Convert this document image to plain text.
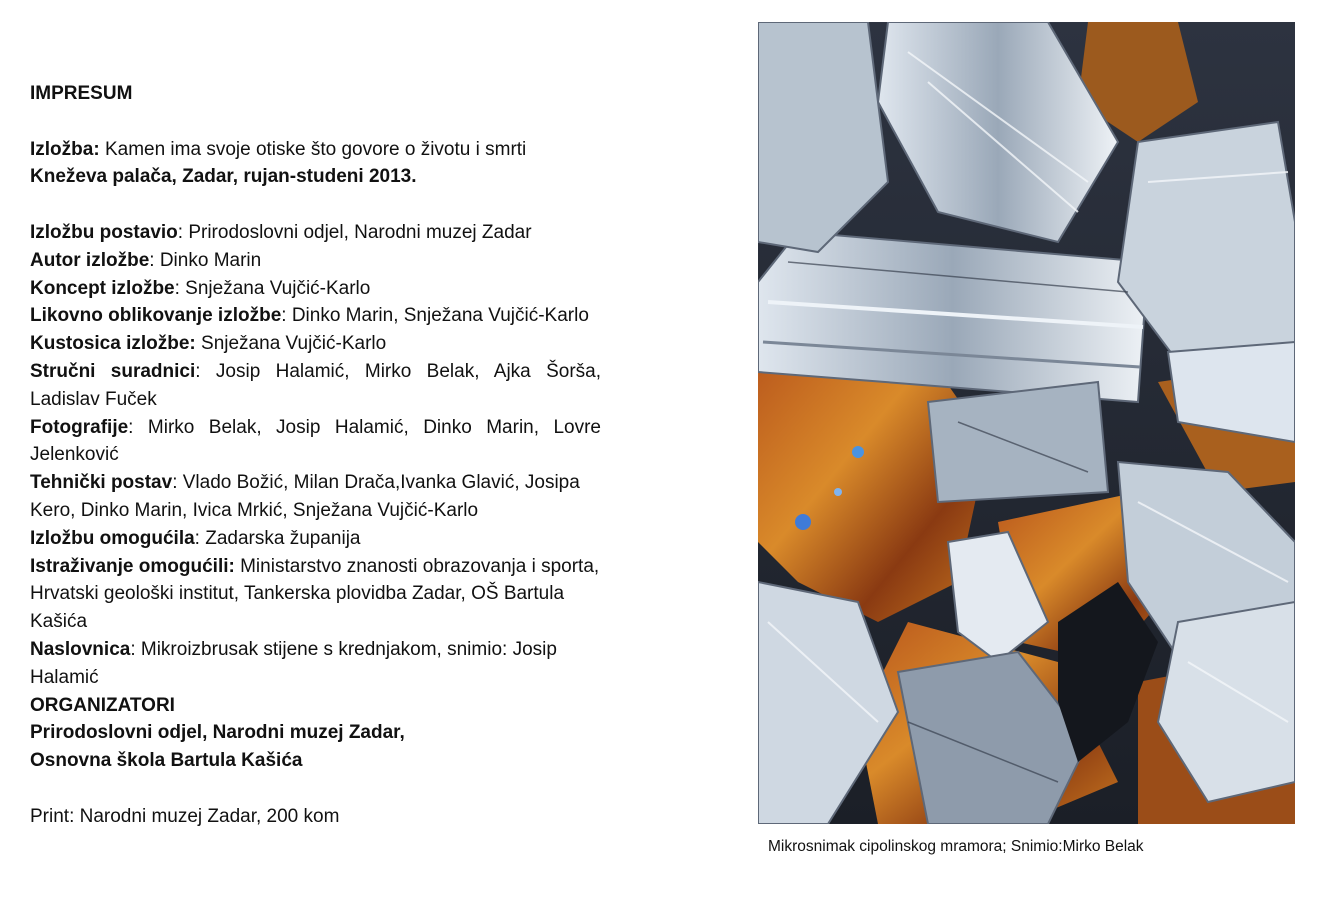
IMPRESUM
Izložba: Kamen ima svoje otiske što govore o životu i smrti
Kneževa palača, Zadar, rujan-studeni 2013.
Izložbu postavio: Prirodoslovni odjel, Narodni muzej Zadar
Autor izložbe: Dinko Marin
Koncept izložbe: Snježana Vujčić-Karlo
Likovno oblikovanje izložbe: Dinko Marin, Snježana Vujčić-Karlo
Kustosica izložbe: Snježana Vujčić-Karlo
Stručni suradnici: Josip Halamić, Mirko Belak, Ajka Šorša, Ladislav Fuček
Fotografije: Mirko Belak, Josip Halamić, Dinko Marin, Lovre Jelenković
Tehnički postav: Vlado Božić, Milan Drača,Ivanka Glavić, Josipa Kero, Dinko Marin, Ivica Mrkić, Snježana Vujčić-Karlo
Izložbu omogućila: Zadarska županija
Istraživanje omogućili: Ministarstvo znanosti obrazovanja i sporta, Hrvatski geološki institut, Tankerska plovidba Zadar, OŠ Bartula Kašića
Naslovnica: Mikroizbrusak stijene s krednjakom, snimio: Josip Halamić
ORGANIZATORI
Prirodoslovni odjel, Narodni muzej Zadar,
Osnovna škola Bartula Kašića
Print: Narodni muzej Zadar, 200 kom
Mikrosnimak cipolinskog mramora; Snimio:Mirko Belak
